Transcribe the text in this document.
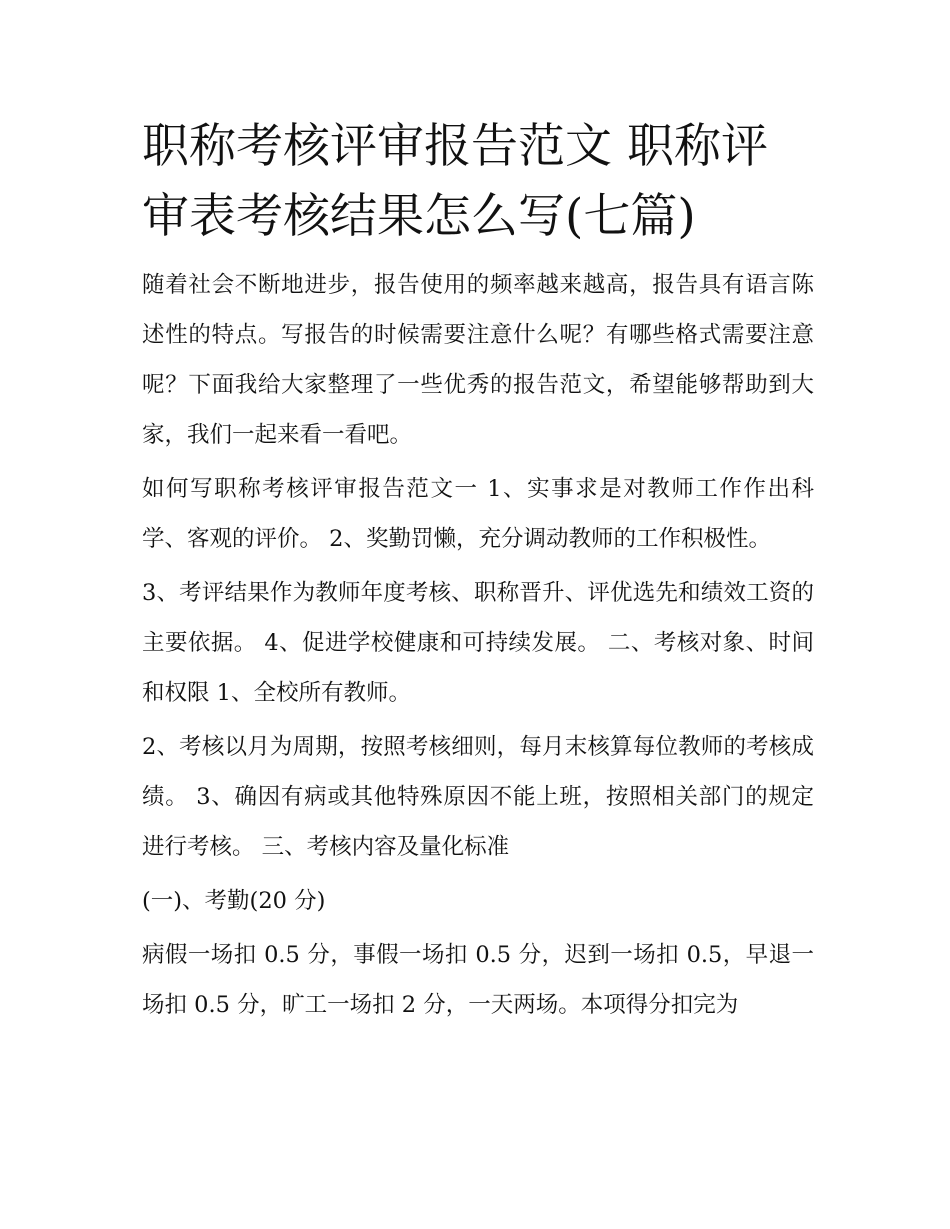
职称考核评审报告范文 职称评审表考核结果怎么写(七篇)

随着社会不断地进步，报告使用的频率越来越高，报告具有语言陈述性的特点。写报告的时候需要注意什么呢？有哪些格式需要注意呢？下面我给大家整理了一些优秀的报告范文，希望能够帮助到大家，我们一起来看一看吧。

如何写职称考核评审报告范文一 1、实事求是对教师工作作出科学、客观的评价。 2、奖勤罚懒，充分调动教师的工作积极性。

3、考评结果作为教师年度考核、职称晋升、评优选先和绩效工资的主要依据。 4、促进学校健康和可持续发展。 二、考核对象、时间和权限 1、全校所有教师。

2、考核以月为周期，按照考核细则，每月末核算每位教师的考核成绩。 3、确因有病或其他特殊原因不能上班，按照相关部门的规定进行考核。 三、考核内容及量化标准

(一)、考勤(20 分)

病假一场扣 0.5 分，事假一场扣 0.5 分，迟到一场扣 0.5，早退一场扣 0.5 分，旷工一场扣 2 分，一天两场。本项得分扣完为
